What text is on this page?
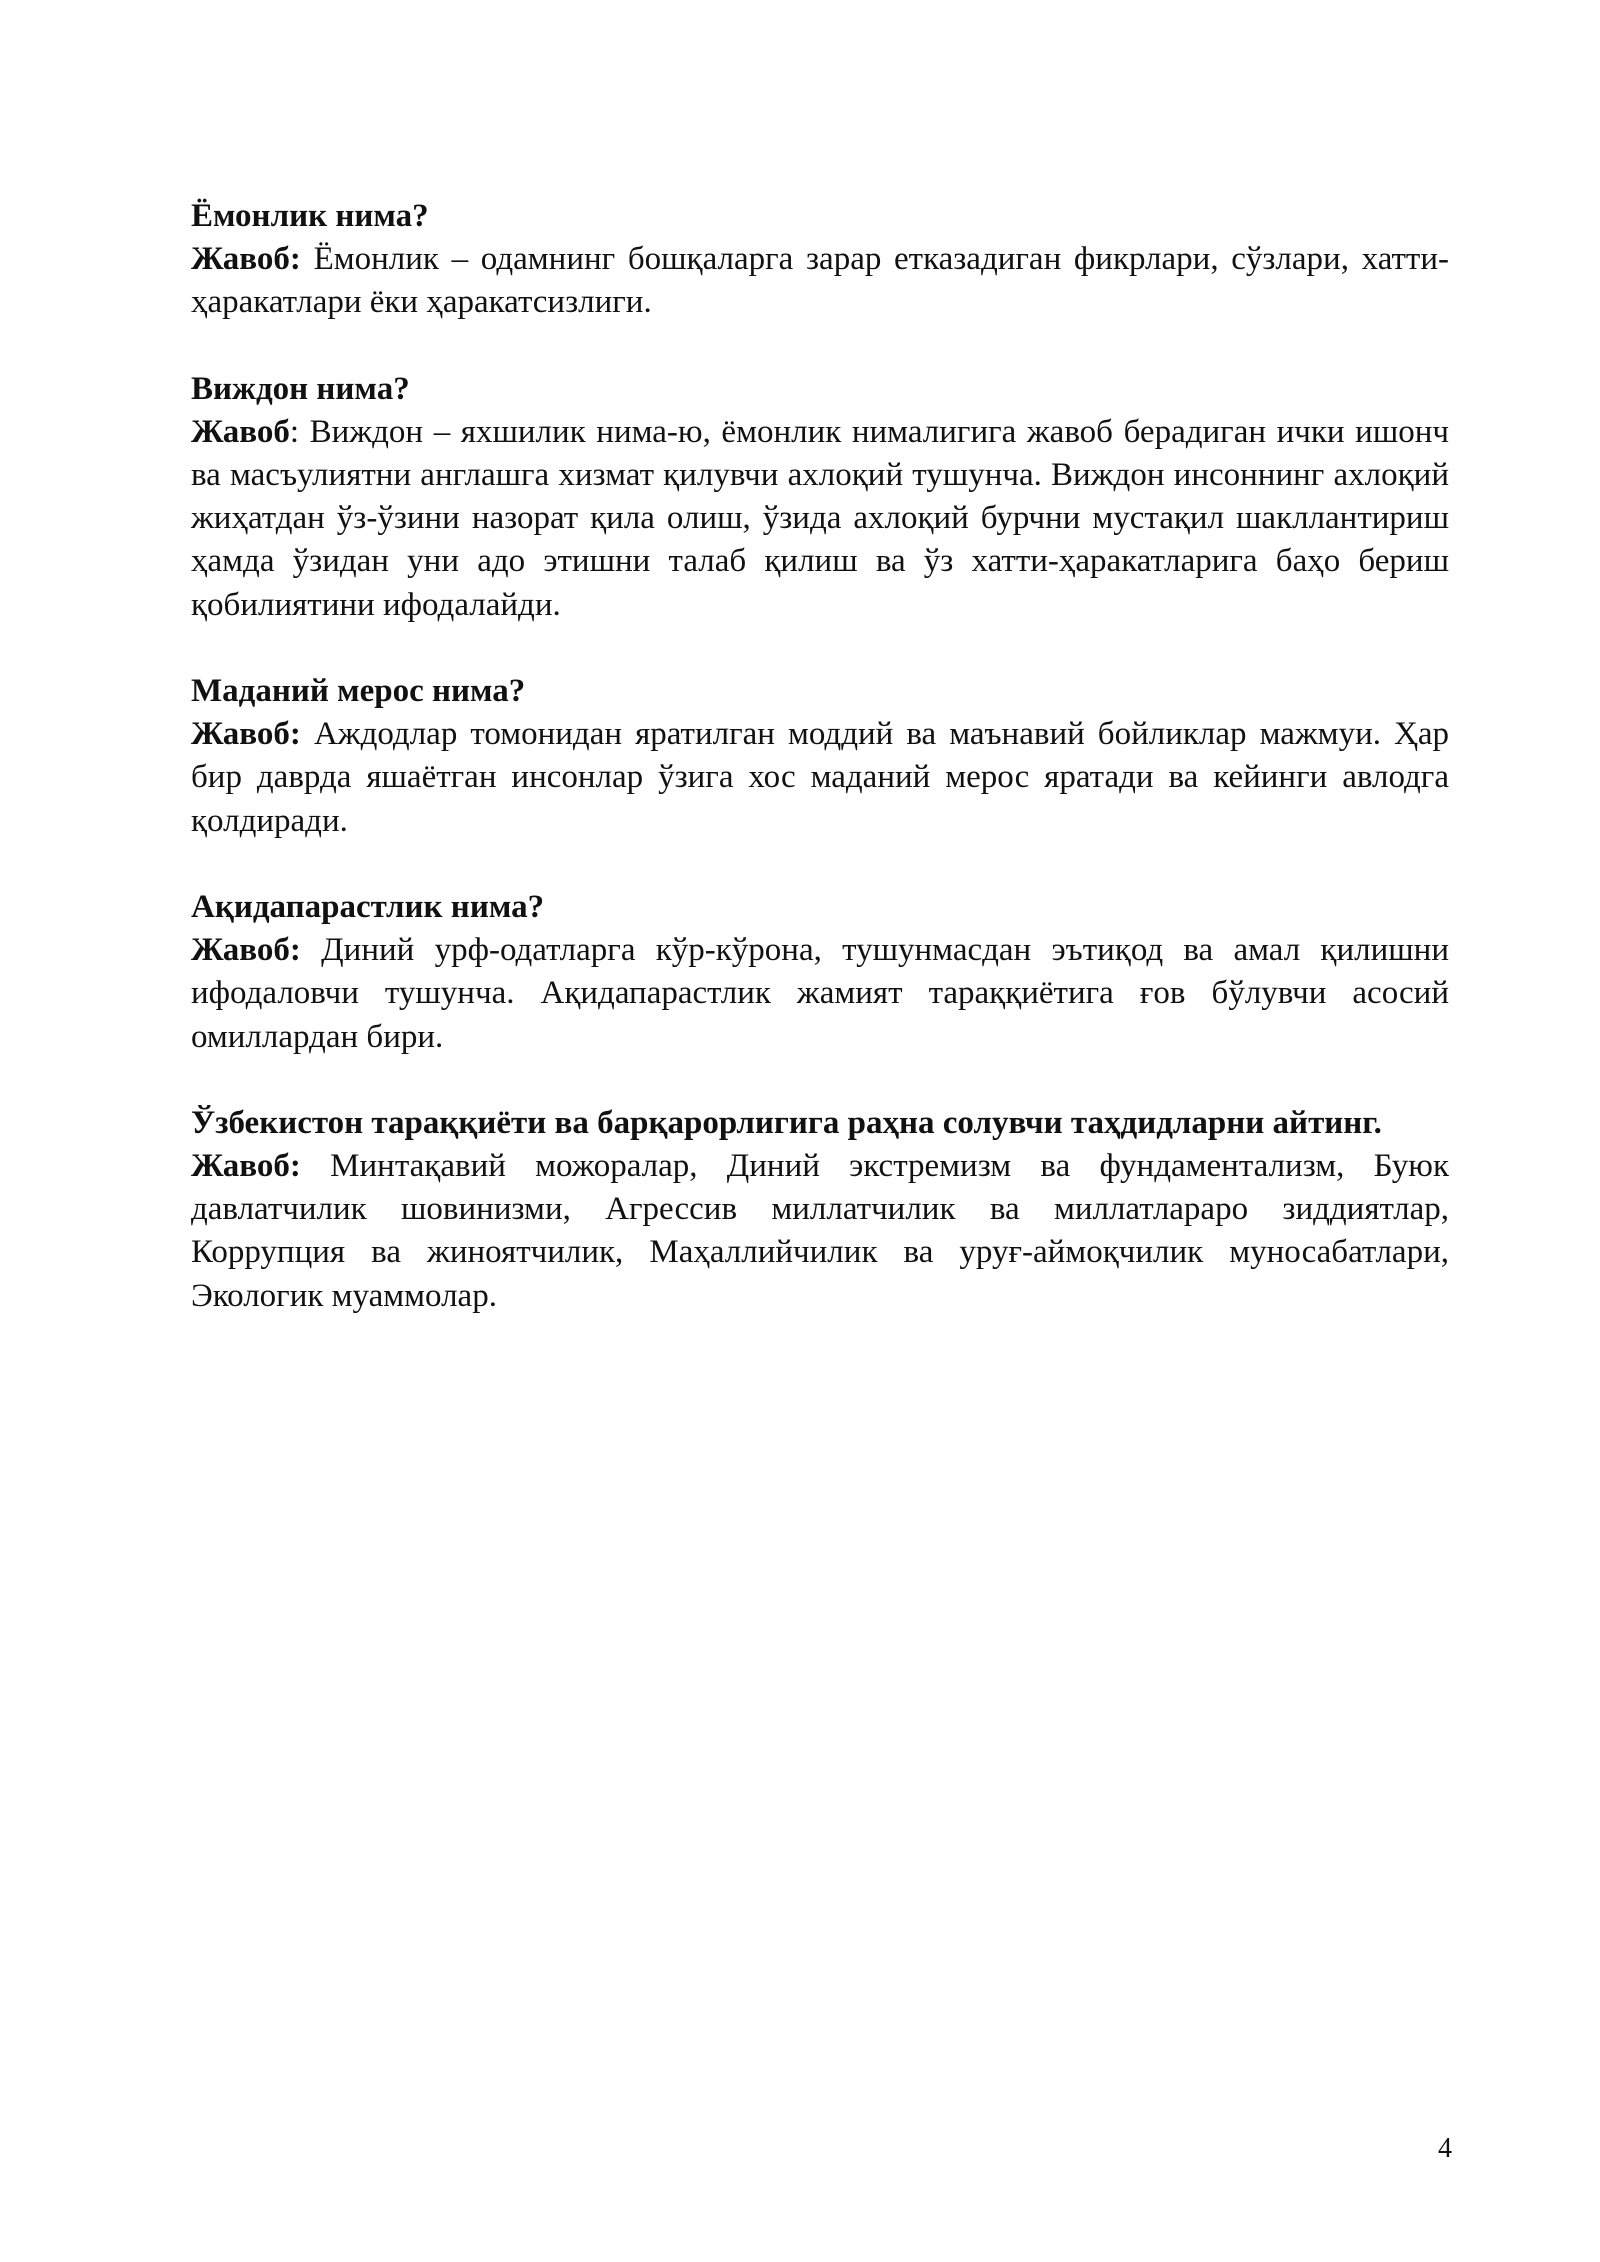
Ёмонлик нима?

Жавоб: Ёмонлик – одамнинг бошқаларга зарар етказадиган фикрлари, сўзлари, хатти-ҳаракатлари ёки ҳаракатсизлиги.

Виждон нима?

Жавоб: Виждон – яхшилик нима-ю, ёмонлик нималигига жавоб берадиган ички ишонч ва масъулиятни англашга хизмат қилувчи ахлоқий тушунча. Виждон инсоннинг ахлоқий жиҳатдан ўз-ўзини назорат қила олиш, ўзида ахлоқий бурчни мустақил шакллантириш ҳамда ўзидан уни адо этишни талаб қилиш ва ўз хатти-ҳаракатларига баҳо бериш қобилиятини ифодалайди.

Маданий мерос нима?

Жавоб: Аждодлар томонидан яратилган моддий ва маънавий бойликлар мажмуи. Ҳар бир даврда яшаётган инсонлар ўзига хос маданий мерос яратади ва кейинги авлодга қолдиради.

Ақидапарастлик нима?

Жавоб: Диний урф-одатларга кўр-кўрона, тушунмасдан эътиқод ва амал қилишни ифодаловчи тушунча. Ақидапарастлик жамият тараққиётига ғов бўлувчи асосий омиллардан бири.

Ўзбекистон тараққиёти ва барқарорлигига раҳна солувчи таҳдидларни айтинг.

Жавоб: Минтақавий можоралар, Диний экстремизм ва фундаментализм, Буюк давлатчилик шовинизми, Агрессив миллатчилик ва миллатлараро зиддиятлар, Коррупция ва жиноятчилик, Маҳаллийчилик ва уруғ-аймоқчилик муносабатлари, Экологик муаммолар.

4
